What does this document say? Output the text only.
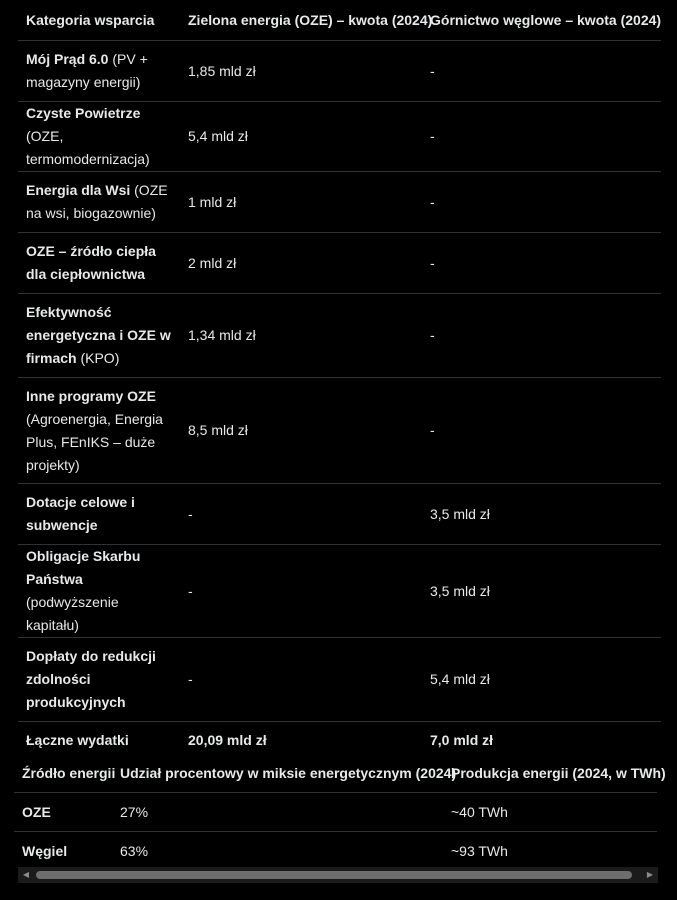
Kategoria wsparcia	Zielona energia (OZE) – kwota (2024)	Górnictwo węglowe – kwota (2024)
Mój Prąd 6.0 (PV + magazyny energii)	1,85 mld zł	-
Czyste Powietrze (OZE, termomodernizacja)	5,4 mld zł	-
Energia dla Wsi (OZE na wsi, biogazownie)	1 mld zł	-
OZE – źródło ciepła dla ciepłownictwa	2 mld zł	-
Efektywność energetyczna i OZE w firmach (KPO)	1,34 mld zł	-
Inne programy OZE (Agroenergia, Energia Plus, FEnIKS – duże projekty)	8,5 mld zł	-
Dotacje celowe i subwencje	-	3,5 mld zł
Obligacje Skarbu Państwa (podwyższenie kapitału)	-	3,5 mld zł
Dopłaty do redukcji zdolności produkcyjnych	-	5,4 mld zł
Łączne wydatki	20,09 mld zł	7,0 mld zł
Źródło energii	Udział procentowy w miksie energetycznym (2024)	Produkcja energii (2024, w TWh)
OZE	27%	~40 TWh
Węgiel	63%	~93 TWh
◀	▶
